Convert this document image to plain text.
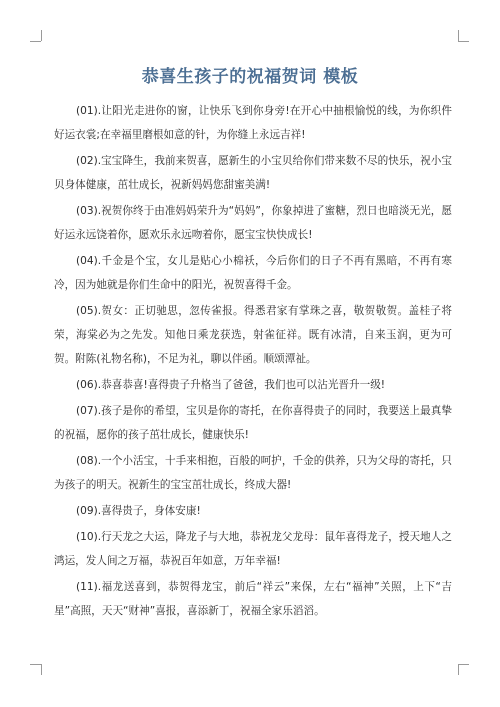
恭喜生孩子的祝福贺词 模板

(01).让阳光走进你的窗，让快乐飞到你身旁!在开心中抽根愉悦的线，为你织件好运衣裳;在幸福里磨根如意的针，为你缝上永远吉祥!

(02).宝宝降生，我前来贺喜，愿新生的小宝贝给你们带来数不尽的快乐，祝小宝贝身体健康，茁壮成长，祝新妈妈您甜蜜美满!

(03).祝贺你终于由准妈妈荣升为“妈妈”，你象掉进了蜜糖，烈日也暗淡无光，愿好运永远饶着你，愿欢乐永远吻着你，愿宝宝快快成长!

(04).千金是个宝，女儿是贴心小棉袄，今后你们的日子不再有黑暗，不再有寒冷，因为她就是你们生命中的阳光，祝贺喜得千金。

(05).贺女：正切驰思，忽传雀报。得悉君家有掌珠之喜，敬贺敬贺。盖桂子将荣，海棠必为之先发。知他日乘龙获选，射雀征祥。既有冰清，自来玉润，更为可贺。附陈(礼物名称)，不足为礼，聊以伴函。顺颂潭祉。

(06).恭喜恭喜!喜得贵子升格当了爸爸，我们也可以沾光晋升一级!

(07).孩子是你的希望，宝贝是你的寄托，在你喜得贵子的同时，我要送上最真挚的祝福，愿你的孩子茁壮成长，健康快乐!

(08).一个小活宝，十手来相抱，百般的呵护，千金的供养，只为父母的寄托，只为孩子的明天。祝新生的宝宝茁壮成长，终成大器!

(09).喜得贵子，身体安康!

(10).行天龙之大运，降龙子与大地，恭祝龙父龙母：鼠年喜得龙子，授天地人之鸿运，发人间之万福，恭祝百年如意，万年幸福!

(11).福龙送喜到，恭贺得龙宝，前后“祥云”来保，左右“福神”关照，上下“吉星”高照，天天“财神”喜报，喜添新丁，祝福全家乐滔滔。
